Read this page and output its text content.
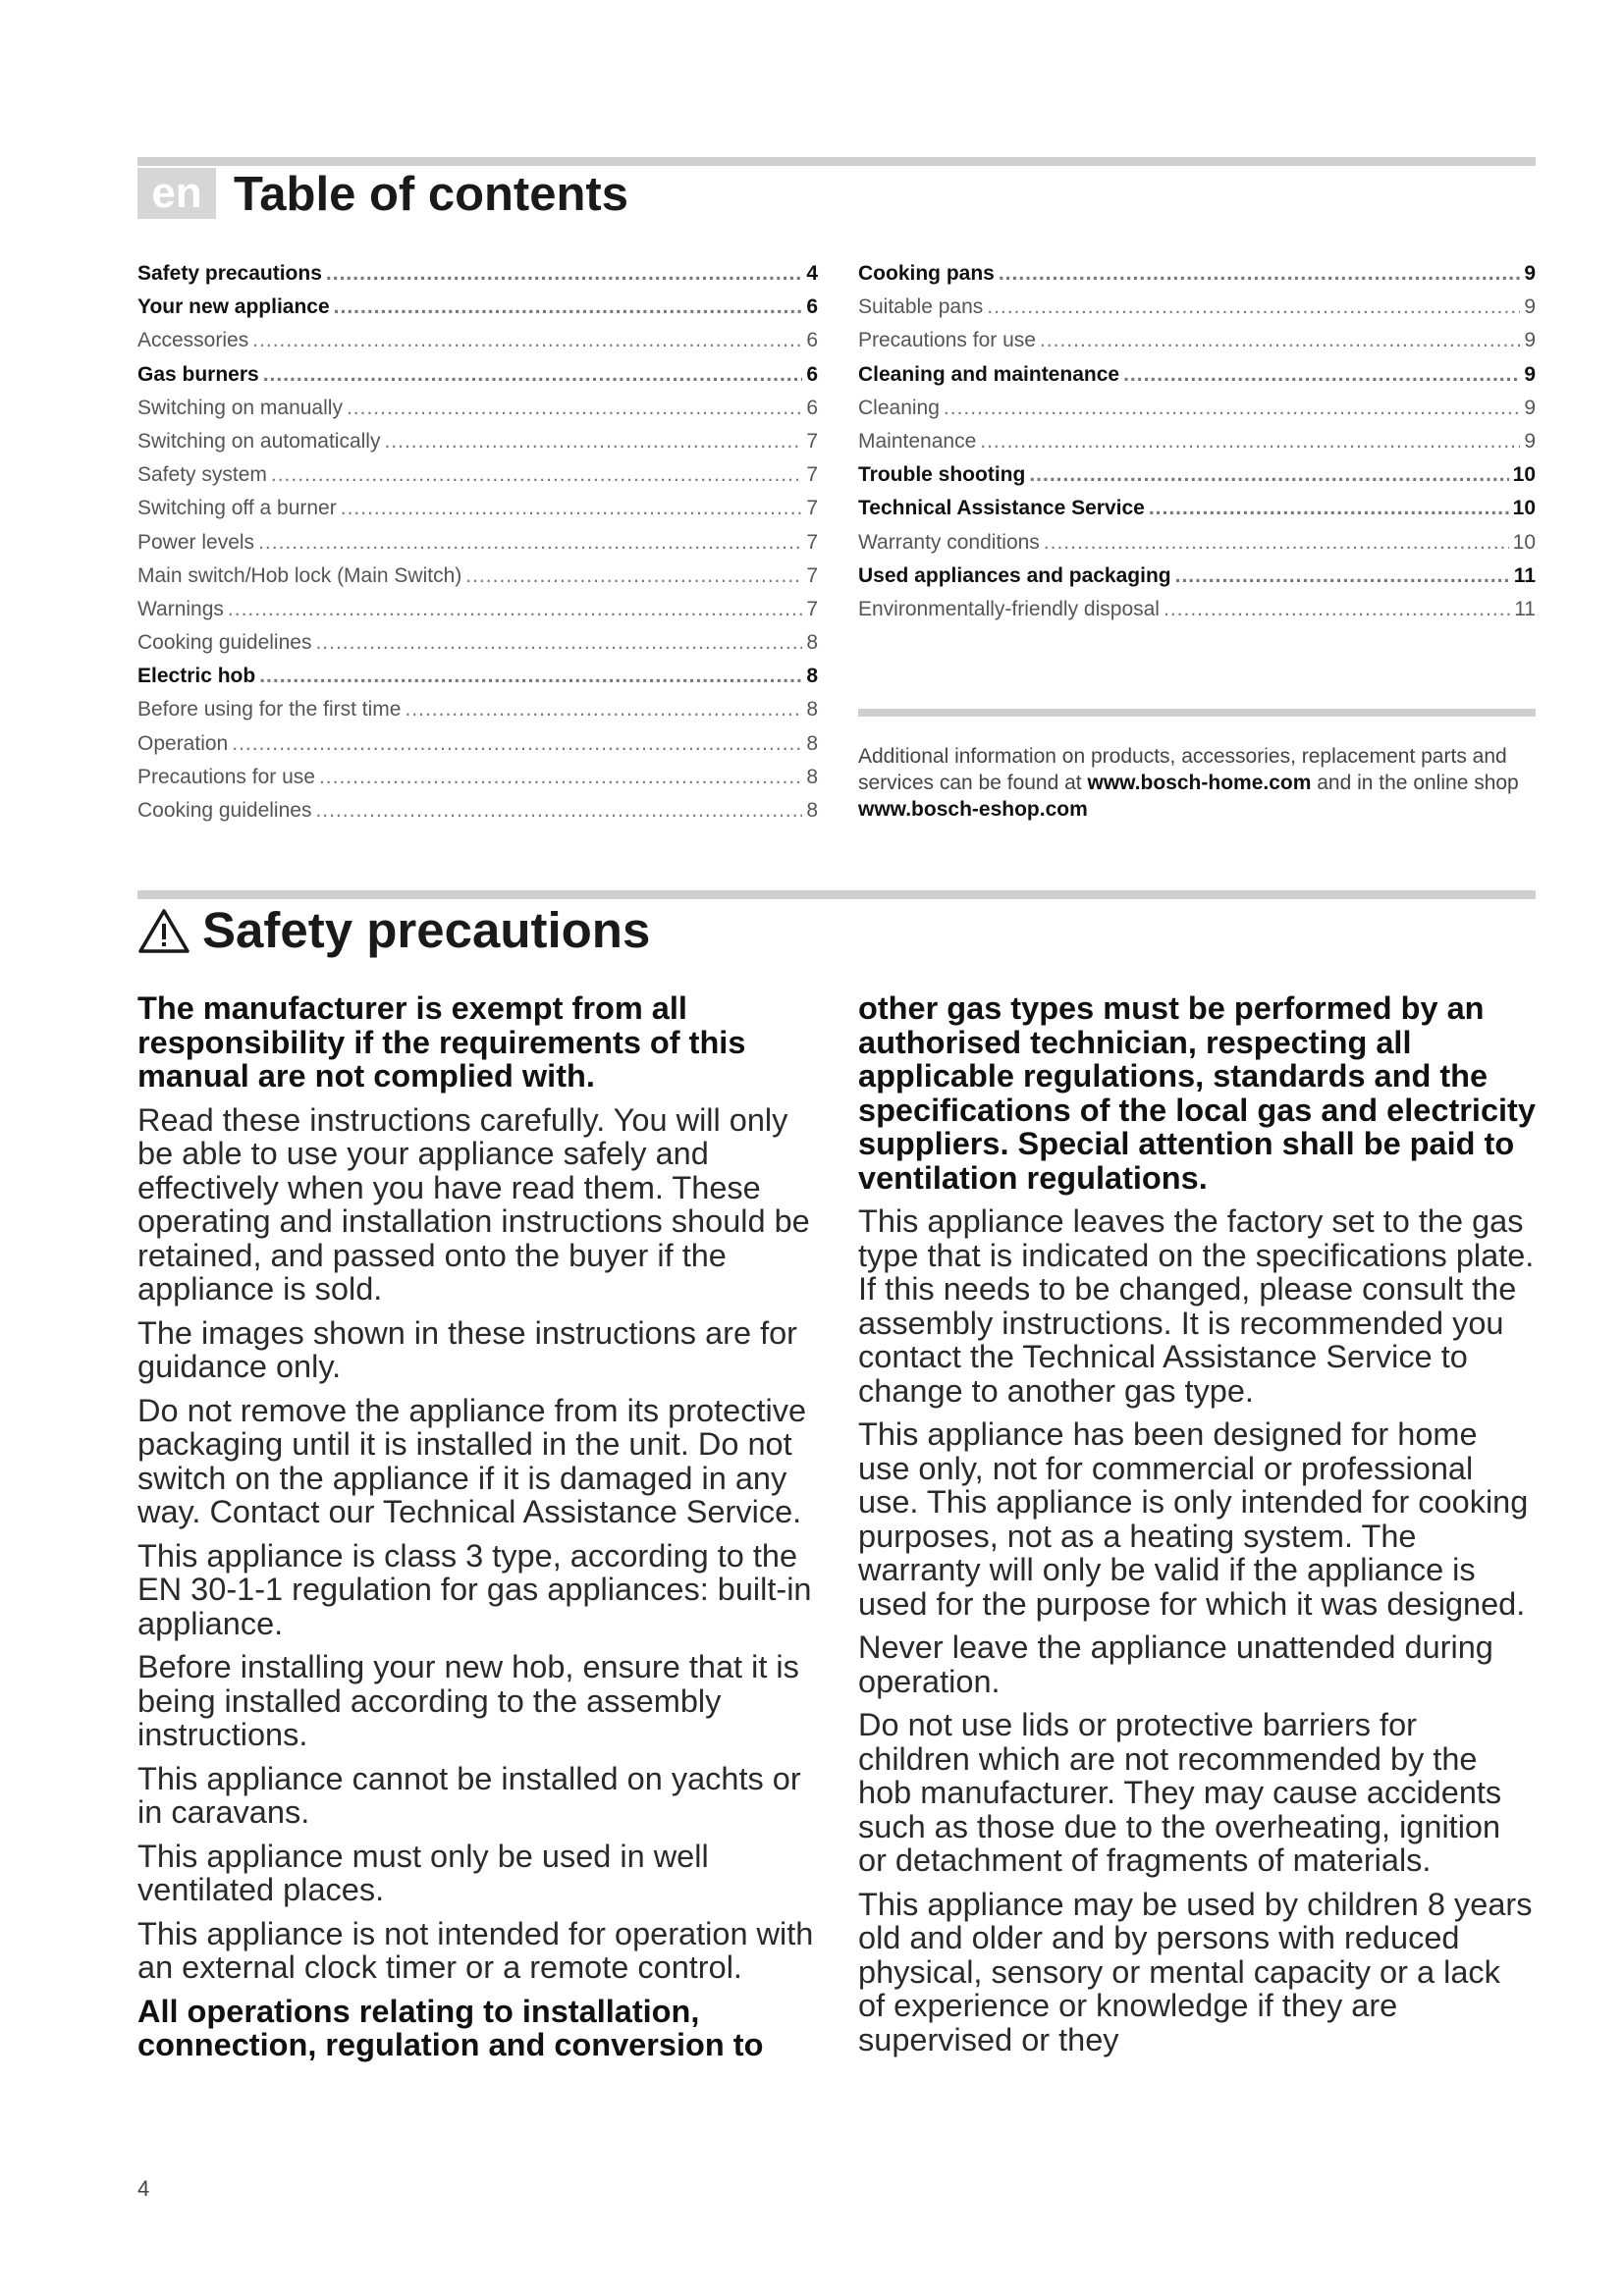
en Table of contents
Safety precautions .....	4
Your new appliance .....	6
Accessories .....	6
Gas burners .....	6
Switching on manually .....	6
Switching on automatically .....	7
Safety system .....	7
Switching off a burner .....	7
Power levels .....	7
Main switch/Hob lock (Main Switch) .....	7
Warnings .....	7
Cooking guidelines .....	8
Electric hob .....	8
Before using for the first time .....	8
Operation .....	8
Precautions for use .....	8
Cooking guidelines .....	8
Cooking pans .....	9
Suitable pans .....	9
Precautions for use .....	9
Cleaning and maintenance .....	9
Cleaning .....	9
Maintenance .....	9
Trouble shooting .....	10
Technical Assistance Service .....	10
Warranty conditions .....	10
Used appliances and packaging .....	11
Environmentally-friendly disposal .....	11

Additional information on products, accessories, replacement parts and services can be found at www.bosch-home.com and in the online shop www.bosch-eshop.com

Safety precautions

The manufacturer is exempt from all responsibility if the requirements of this manual are not complied with.

Read these instructions carefully. You will only be able to use your appliance safely and effectively when you have read them. These operating and installation instructions should be retained, and passed onto the buyer if the appliance is sold.

The images shown in these instructions are for guidance only.

Do not remove the appliance from its protective packaging until it is installed in the unit. Do not switch on the appliance if it is damaged in any way. Contact our Technical Assistance Service.

This appliance is class 3 type, according to the EN 30-1-1 regulation for gas appliances: built-in appliance.

Before installing your new hob, ensure that it is being installed according to the assembly instructions.

This appliance cannot be installed on yachts or in caravans.

This appliance must only be used in well ventilated places.

This appliance is not intended for operation with an external clock timer or a remote control.

All operations relating to installation, connection, regulation and conversion to

other gas types must be performed by an authorised technician, respecting all applicable regulations, standards and the specifications of the local gas and electricity suppliers. Special attention shall be paid to ventilation regulations.

This appliance leaves the factory set to the gas type that is indicated on the specifications plate. If this needs to be changed, please consult the assembly instructions. It is recommended you contact the Technical Assistance Service to change to another gas type.

This appliance has been designed for home use only, not for commercial or professional use. This appliance is only intended for cooking purposes, not as a heating system. The warranty will only be valid if the appliance is used for the purpose for which it was designed.

Never leave the appliance unattended during operation.

Do not use lids or protective barriers for children which are not recommended by the hob manufacturer. They may cause accidents such as those due to the overheating, ignition or detachment of fragments of materials.

This appliance may be used by children 8 years old and older and by persons with reduced physical, sensory or mental capacity or a lack of experience or knowledge if they are supervised or they

4
